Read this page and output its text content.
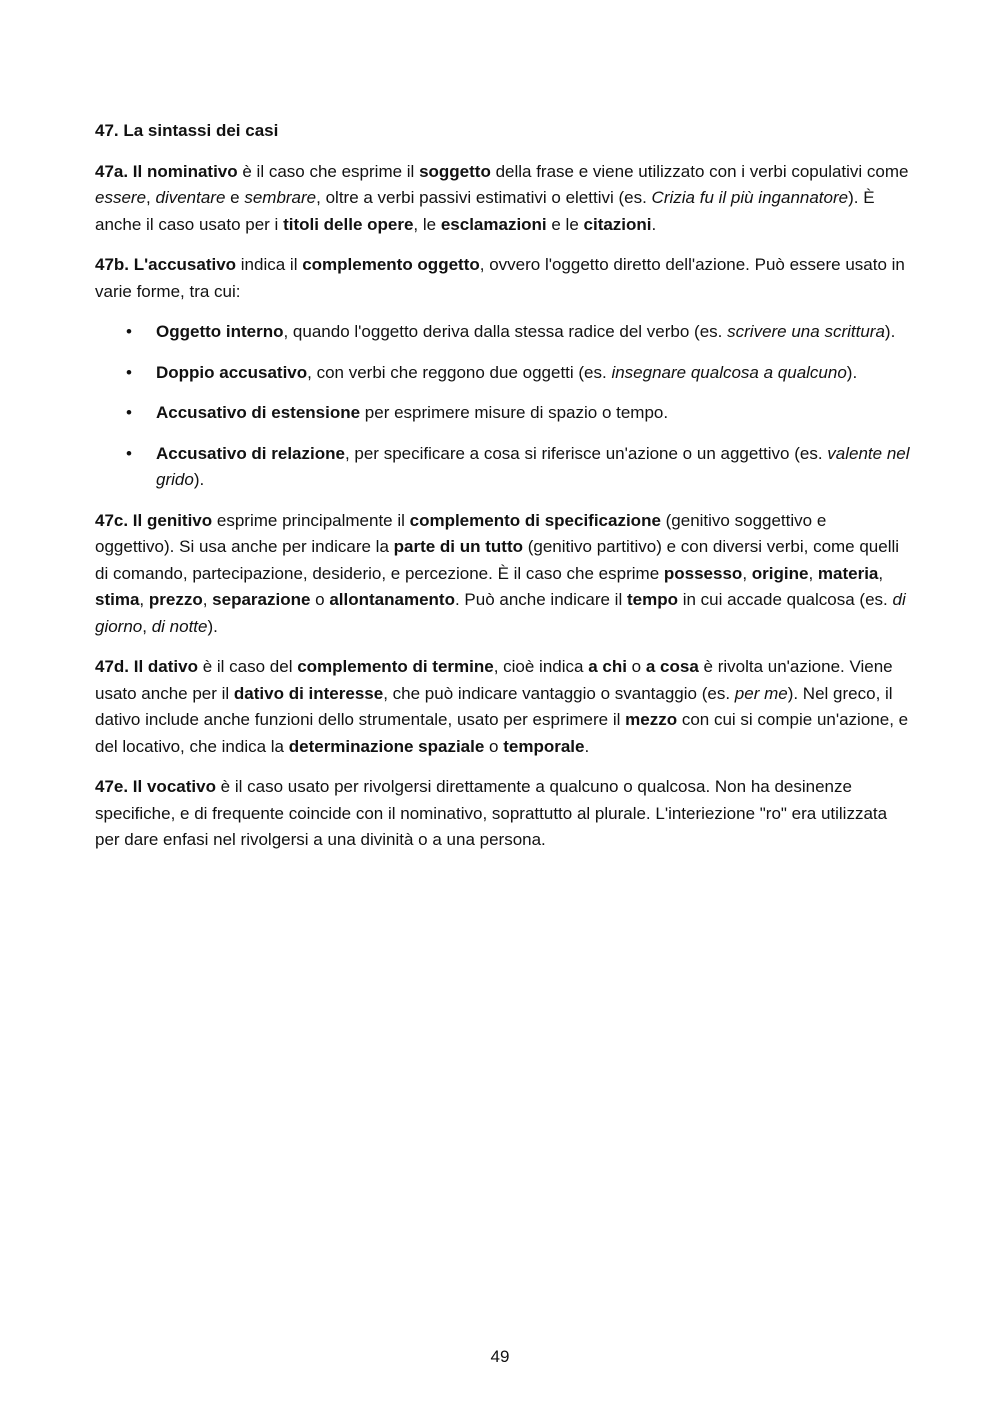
47. La sintassi dei casi

47a. Il nominativo è il caso che esprime il soggetto della frase e viene utilizzato con i verbi copulativi come essere, diventare e sembrare, oltre a verbi passivi estimativi o elettivi (es. Crizia fu il più ingannatore). È anche il caso usato per i titoli delle opere, le esclamazioni e le citazioni.

47b. L'accusativo indica il complemento oggetto, ovvero l'oggetto diretto dell'azione. Può essere usato in varie forme, tra cui:

• Oggetto interno, quando l'oggetto deriva dalla stessa radice del verbo (es. scrivere una scrittura).
• Doppio accusativo, con verbi che reggono due oggetti (es. insegnare qualcosa a qualcuno).
• Accusativo di estensione per esprimere misure di spazio o tempo.
• Accusativo di relazione, per specificare a cosa si riferisce un'azione o un aggettivo (es. valente nel grido).

47c. Il genitivo esprime principalmente il complemento di specificazione (genitivo soggettivo e oggettivo). Si usa anche per indicare la parte di un tutto (genitivo partitivo) e con diversi verbi, come quelli di comando, partecipazione, desiderio, e percezione. È il caso che esprime possesso, origine, materia, stima, prezzo, separazione o allontanamento. Può anche indicare il tempo in cui accade qualcosa (es. di giorno, di notte).

47d. Il dativo è il caso del complemento di termine, cioè indica a chi o a cosa è rivolta un'azione. Viene usato anche per il dativo di interesse, che può indicare vantaggio o svantaggio (es. per me). Nel greco, il dativo include anche funzioni dello strumentale, usato per esprimere il mezzo con cui si compie un'azione, e del locativo, che indica la determinazione spaziale o temporale.

47e. Il vocativo è il caso usato per rivolgersi direttamente a qualcuno o qualcosa. Non ha desinenze specifiche, e di frequente coincide con il nominativo, soprattutto al plurale. L'interiezione "ro" era utilizzata per dare enfasi nel rivolgersi a una divinità o a una persona.

49
